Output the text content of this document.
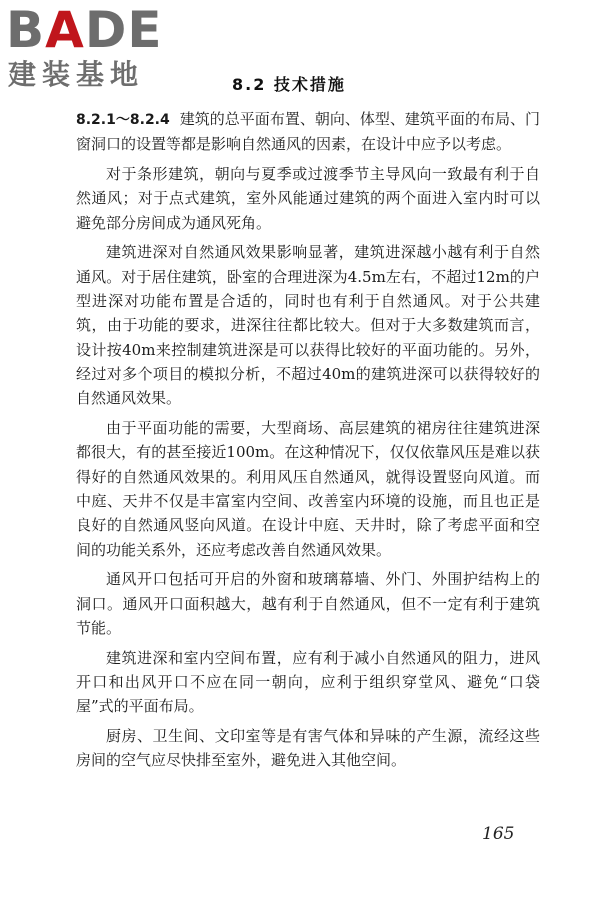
BADE
建装基地	8.2 技术措施

8.2.1～8.2.4 建筑的总平面布置、朝向、体型、建筑平面的布局、门窗洞口的设置等都是影响自然通风的因素，在设计中应予以考虑。

对于条形建筑，朝向与夏季或过渡季节主导风向一致最有利于自然通风；对于点式建筑，室外风能通过建筑的两个面进入室内时可以避免部分房间成为通风死角。

建筑进深对自然通风效果影响显著，建筑进深越小越有利于自然通风。对于居住建筑，卧室的合理进深为4.5m左右，不超过12m的户型进深对功能布置是合适的，同时也有利于自然通风。对于公共建筑，由于功能的要求，进深往往都比较大。但对于大多数建筑而言，设计按40m来控制建筑进深是可以获得比较好的平面功能的。另外，经过对多个项目的模拟分析，不超过40m的建筑进深可以获得较好的自然通风效果。

由于平面功能的需要，大型商场、高层建筑的裙房往往建筑进深都很大，有的甚至接近100m。在这种情况下，仅仅依靠风压是难以获得好的自然通风效果的。利用风压自然通风，就得设置竖向风道。而中庭、天井不仅是丰富室内空间、改善室内环境的设施，而且也正是良好的自然通风竖向风道。在设计中庭、天井时，除了考虑平面和空间的功能关系外，还应考虑改善自然通风效果。

通风开口包括可开启的外窗和玻璃幕墙、外门、外围护结构上的洞口。通风开口面积越大，越有利于自然通风，但不一定有利于建筑节能。

建筑进深和室内空间布置，应有利于减小自然通风的阻力，进风开口和出风开口不应在同一朝向，应利于组织穿堂风、避免“口袋屋”式的平面布局。

厨房、卫生间、文印室等是有害气体和异味的产生源，流经这些房间的空气应尽快排至室外，避免进入其他空间。

165
